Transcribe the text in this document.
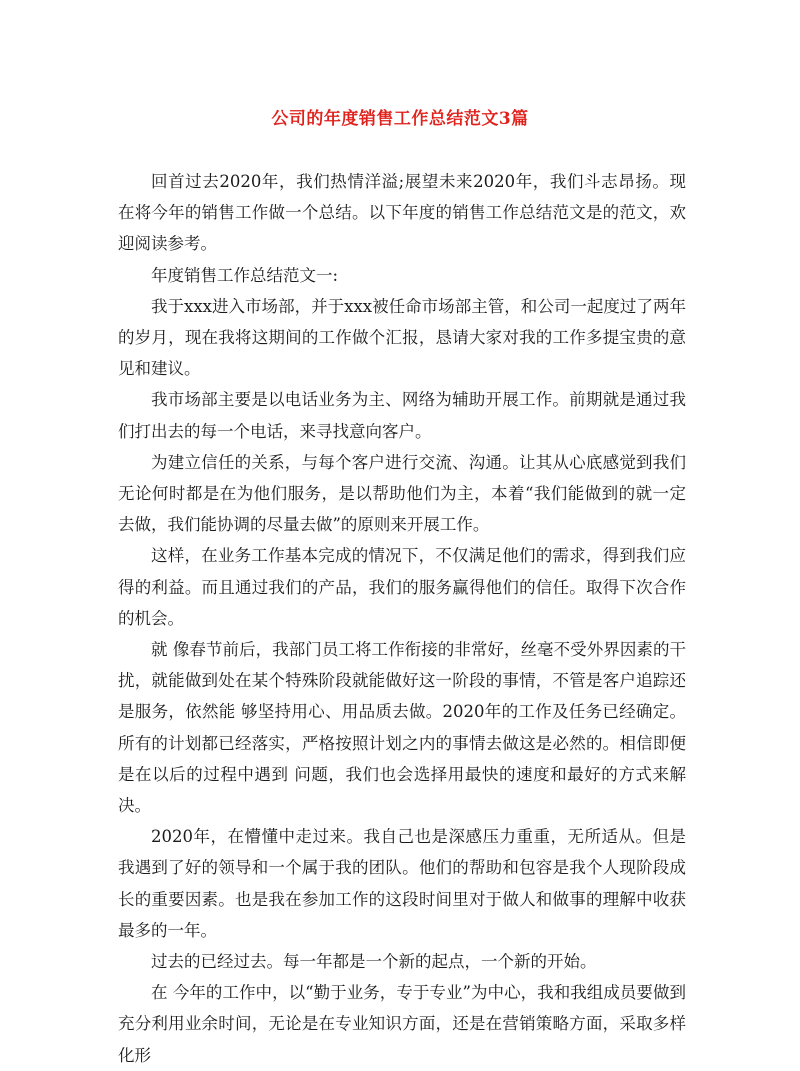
公司的年度销售工作总结范文3篇

回首过去2020年，我们热情洋溢;展望未来2020年，我们斗志昂扬。现在将今年的销售工作做一个总结。以下年度的销售工作总结范文是的范文，欢迎阅读参考。

年度销售工作总结范文一:

我于xxx进入市场部，并于xxx被任命市场部主管，和公司一起度过了两年的岁月，现在我将这期间的工作做个汇报，恳请大家对我的工作多提宝贵的意见和建议。

我市场部主要是以电话业务为主、网络为辅助开展工作。前期就是通过我们打出去的每一个电话，来寻找意向客户。

为建立信任的关系，与每个客户进行交流、沟通。让其从心底感觉到我们无论何时都是在为他们服务，是以帮助他们为主，本着“我们能做到的就一定去做，我们能协调的尽量去做”的原则来开展工作。

这样，在业务工作基本完成的情况下，不仅满足他们的需求，得到我们应得的利益。而且通过我们的产品，我们的服务赢得他们的信任。取得下次合作的机会。

就 像春节前后，我部门员工将工作衔接的非常好，丝毫不受外界因素的干扰，就能做到处在某个特殊阶段就能做好这一阶段的事情，不管是客户追踪还是服务，依然能 够坚持用心、用品质去做。2020年的工作及任务已经确定。所有的计划都已经落实，严格按照计划之内的事情去做这是必然的。相信即便是在以后的过程中遇到 问题，我们也会选择用最快的速度和最好的方式来解决。

2020年，在懵懂中走过来。我自己也是深感压力重重，无所适从。但是我遇到了好的领导和一个属于我的团队。他们的帮助和包容是我个人现阶段成长的重要因素。也是我在参加工作的这段时间里对于做人和做事的理解中收获最多的一年。

过去的已经过去。每一年都是一个新的起点，一个新的开始。

在 今年的工作中，以“勤于业务，专于专业”为中心，我和我组成员要做到充分利用业余时间，无论是在专业知识方面，还是在营销策略方面，采取多样化形
